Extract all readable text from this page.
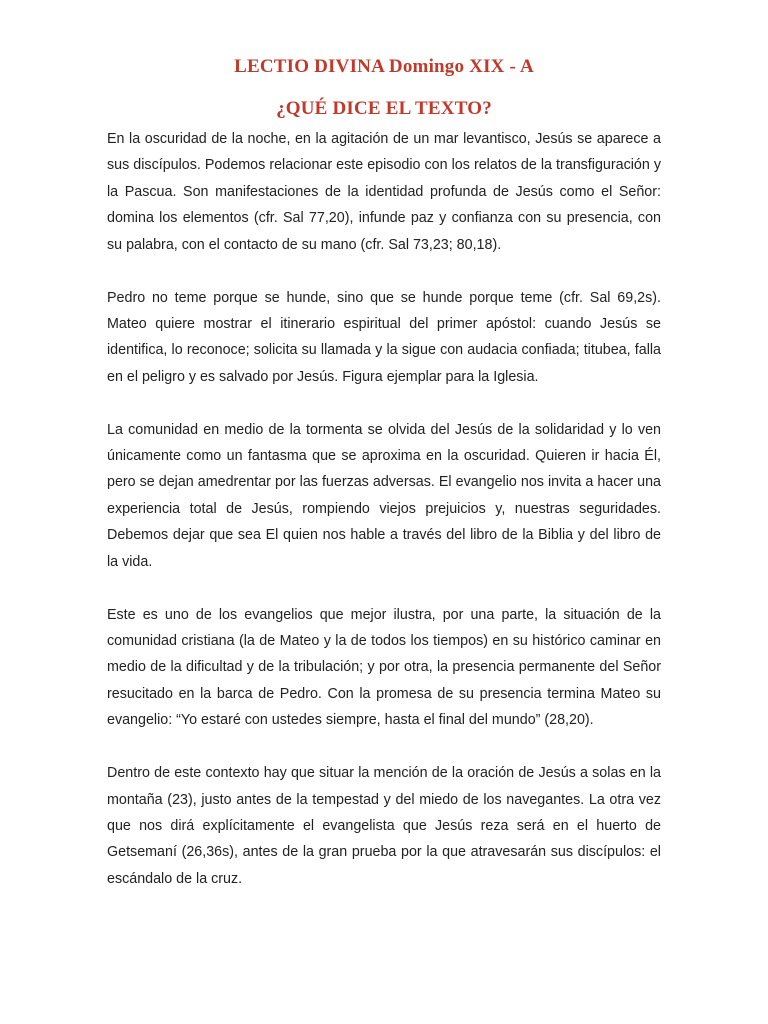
LECTIO DIVINA Domingo XIX - A
¿QUÉ DICE EL TEXTO?

En la oscuridad de la noche, en la agitación de un mar levantisco, Jesús se aparece a sus discípulos. Podemos relacionar este episodio con los relatos de la transfiguración y la Pascua. Son manifestaciones de la identidad profunda de Jesús como el Señor: domina los elementos (cfr. Sal 77,20), infunde paz y confianza con su presencia, con su palabra, con el contacto de su mano (cfr. Sal 73,23; 80,18).

Pedro no teme porque se hunde, sino que se hunde porque teme (cfr. Sal 69,2s). Mateo quiere mostrar el itinerario espiritual del primer apóstol: cuando Jesús se identifica, lo reconoce; solicita su llamada y la sigue con audacia confiada; titubea, falla en el peligro y es salvado por Jesús. Figura ejemplar para la Iglesia.

La comunidad en medio de la tormenta se olvida del Jesús de la solidaridad y lo ven únicamente como un fantasma que se aproxima en la oscuridad. Quieren ir hacia Él, pero se dejan amedrentar por las fuerzas adversas. El evangelio nos invita a hacer una experiencia total de Jesús, rompiendo viejos prejuicios y, nuestras seguridades. Debemos dejar que sea El quien nos hable a través del libro de la Biblia y del libro de la vida.

Este es uno de los evangelios que mejor ilustra, por una parte, la situación de la comunidad cristiana (la de Mateo y la de todos los tiempos) en su histórico caminar en medio de la dificultad y de la tribulación; y por otra, la presencia permanente del Señor resucitado en la barca de Pedro. Con la promesa de su presencia termina Mateo su evangelio: “Yo estaré con ustedes siempre, hasta el final del mundo” (28,20).

Dentro de este contexto hay que situar la mención de la oración de Jesús a solas en la montaña (23), justo antes de la tempestad y del miedo de los navegantes. La otra vez que nos dirá explícitamente el evangelista que Jesús reza será en el huerto de Getsemaní (26,36s), antes de la gran prueba por la que atravesarán sus discípulos: el escándalo de la cruz.
